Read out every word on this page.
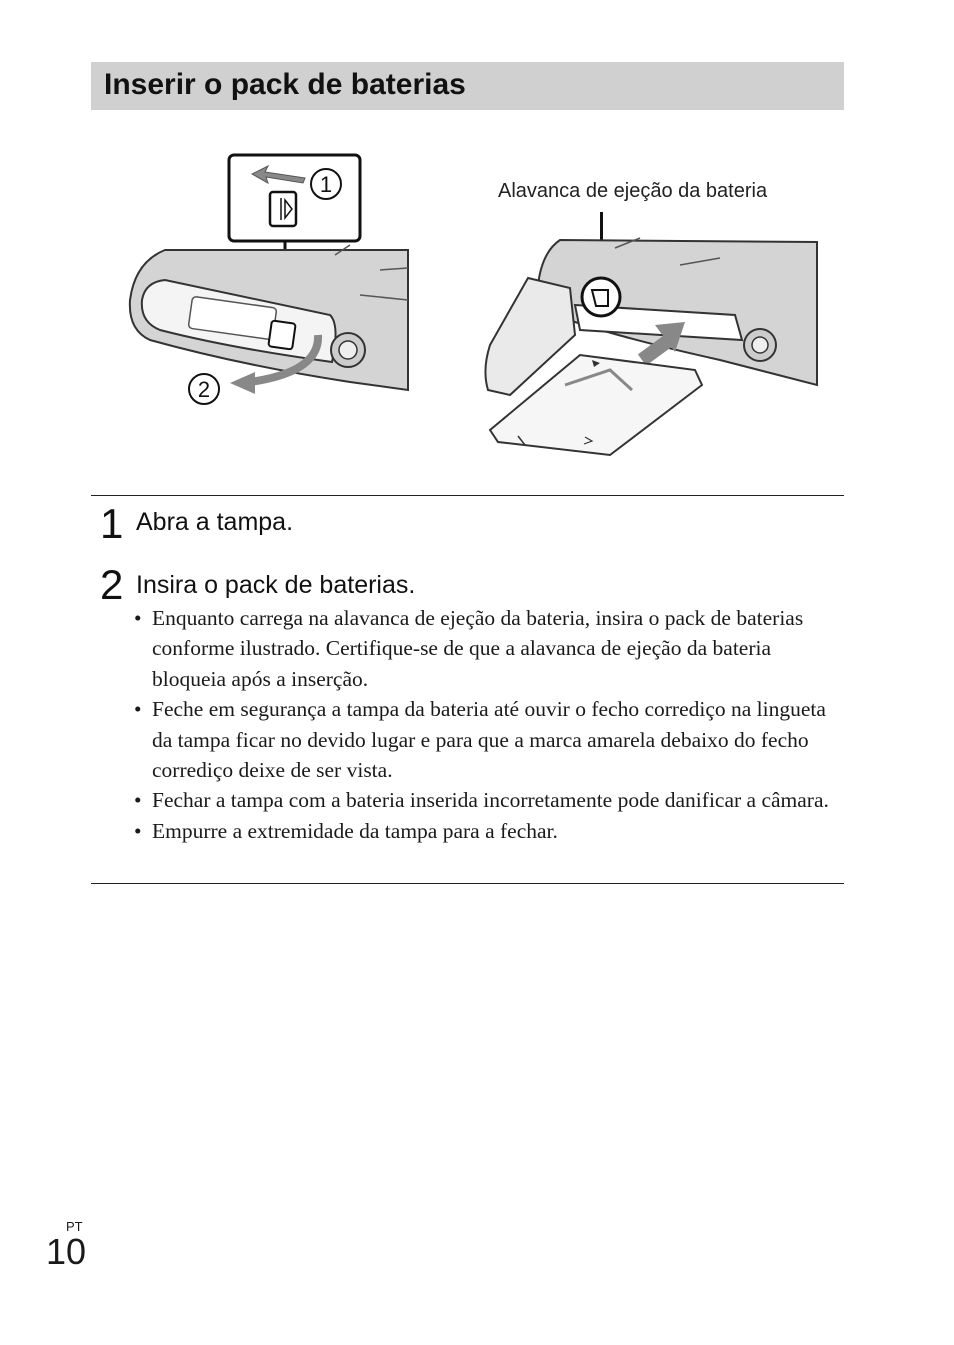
Inserir o pack de baterias
1
2
Alavanca de ejeção da bateria
1 Abra a tampa.
2 Insira o pack de baterias.
• Enquanto carrega na alavanca de ejeção da bateria, insira o pack de baterias conforme ilustrado. Certifique-se de que a alavanca de ejeção da bateria bloqueia após a inserção.
• Feche em segurança a tampa da bateria até ouvir o fecho corrediço na lingueta da tampa ficar no devido lugar e para que a marca amarela debaixo do fecho corrediço deixe de ser vista.
• Fechar a tampa com a bateria inserida incorretamente pode danificar a câmara.
• Empurre a extremidade da tampa para a fechar.
PT
10
